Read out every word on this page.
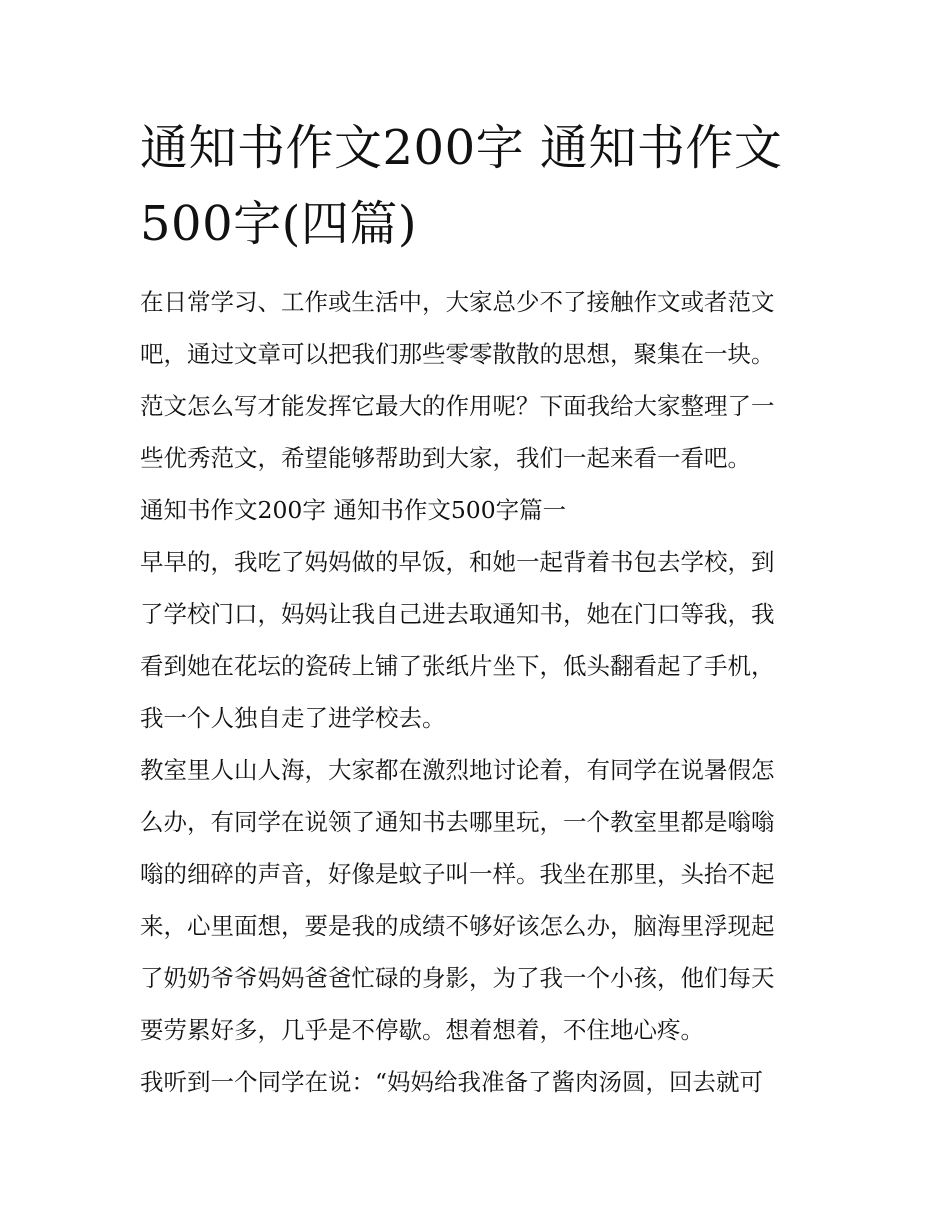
通知书作文200字 通知书作文
500字(四篇)

在日常学习、工作或生活中，大家总少不了接触作文或者范文
吧，通过文章可以把我们那些零零散散的思想，聚集在一块。
范文怎么写才能发挥它最大的作用呢？下面我给大家整理了一
些优秀范文，希望能够帮助到大家，我们一起来看一看吧。

通知书作文200字 通知书作文500字篇一

早早的，我吃了妈妈做的早饭，和她一起背着书包去学校，到
了学校门口，妈妈让我自己进去取通知书，她在门口等我，我
看到她在花坛的瓷砖上铺了张纸片坐下，低头翻看起了手机，
我一个人独自走了进学校去。

教室里人山人海，大家都在激烈地讨论着，有同学在说暑假怎
么办，有同学在说领了通知书去哪里玩，一个教室里都是嗡嗡
嗡的细碎的声音，好像是蚊子叫一样。我坐在那里，头抬不起
来，心里面想，要是我的成绩不够好该怎么办，脑海里浮现起
了奶奶爷爷妈妈爸爸忙碌的身影，为了我一个小孩，他们每天
要劳累好多，几乎是不停歇。想着想着，不住地心疼。

我听到一个同学在说：“妈妈给我准备了酱肉汤圆，回去就可
